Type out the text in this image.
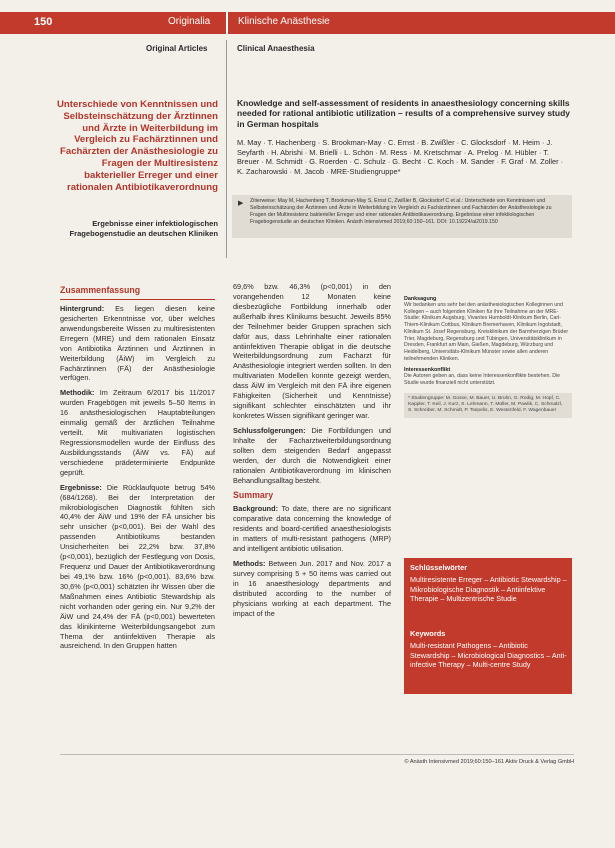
150	Originalia	Klinische Anästhesie
Original Articles	Clinical Anaesthesia
Unterschiede von Kenntnissen und Selbsteinschätzung der Ärztinnen und Ärzte in Weiterbildung im Vergleich zu Fachärztinnen und Fachärzten der Anästhesiologie zu Fragen der Multiresistenz bakterieller Erreger und einer rationalen Antibiotikaverordnung
Ergebnisse einer infektiologischen Fragebogenstudie an deutschen Kliniken
Knowledge and self-assessment of residents in anaesthesiology concerning skills needed for rational antibiotic utilization – results of a comprehensive survey study in German hospitals
M. May · T. Hachenberg · S. Brookman-May · C. Ernst · B. Zwißler · C. Glocksdorf · M. Heim · J. Seyfarth · H. Abrishi · M. Brielli · L. Schön · M. Ress · M. Kretschmar · A. Prelog · M. Hübler · T. Breuer · M. Schmidt · G. Roerden · C. Schulz · G. Becht · C. Koch · M. Sander · F. Graf · M. Zoller · K. Zacharowski · M. Jacob · MRE-Studiengruppe*
▶ Zitierweise: May M, Hachenberg T, Brookman-May S, Ernst C, Zwißler B, Glocksdorf C et al.: Unterschiede von Kenntnissen und Selbsteinschätzung der Ärztinnen und Ärzte in Weiterbildung im Vergleich zu Fachärztinnen und Fachärzten der Anästhesiologie zu Fragen der Multiresistenz bakterieller Erreger und einer rationalen Antibiotikaverordnung. Ergebnisse einer infektiologischen Fragebogenstudie an deutschen Kliniken. Anästh Intensivmed 2019;60:150–161. DOI: 10.19224/ai2019.150

Zusammenfassung

Hintergrund: Es liegen diesen keine gesicherten Erkenntnisse vor, über welches anwendungsbereite Wissen zu multiresistenten Erregern (MRE) und dem rationalen Einsatz von Antibiotika Ärztinnen und Ärztinnen in Weiterbildung (ÄiW) im Vergleich zu Fachärztinnen (FÄ) der Anästhesiologie verfügen.

Methodik: Im Zeitraum 6/2017 bis 11/2017 wurden Fragebögen mit jeweils 5–50 Items in 16 anästhesiologischen Hauptabteilungen einmalig gemäß der ärztlichen Teilnahme verteilt. Mit multivariaten logistischen Regressionsmodellen wurde der Einfluss des Ausbildungsstands (ÄiW vs. FÄ) auf verschiedene prädeterminierte Endpunkte geprüft.

Ergebnisse: Die Rücklaufquote betrug 54% (684/1268). Bei der Interpretation der mikrobiologischen Diagnostik fühlten sich 40,4% der ÄiW und 19% der FÄ unsicher bis sehr unsicher (p<0,001). Bei der Wahl des passenden Antibiotikums bestanden Unsicherheiten bei 22,2% bzw. 37,8% (p<0,001), bezüglich der Festlegung von Dosis, Frequenz und Dauer der Antibiotikaverordnung bei 49,1% bzw. 16% (p<0,001). 83,6% bzw. 30,6% (p<0,001) schätzten ihr Wissen über die Maßnahmen eines Antibiotic Stewardship als nicht vorhanden oder gering ein. Nur 9,2% der ÄiW und 24,4% der FÄ (p<0,001) bewerteten das klinikinterne Weiterbildungsangebot zum Thema der antiinfektiven Therapie als ausreichend. In den Gruppen hatten

69,6% bzw. 46,3% (p<0,001) in den vorangehenden 12 Monaten keine diesbezügliche Fortbildung innerhalb oder außerhalb ihres Klinikums besucht. Jeweils 85% der Teilnehmer beider Gruppen sprachen sich dafür aus, dass Lehrinhalte einer rationalen antiinfektiven Therapie obligat in die deutsche Weiterbildungsordnung zum Facharzt für Anästhesiologie integriert werden sollten. In den multivariaten Modellen konnte gezeigt werden, dass ÄiW im Vergleich mit den FÄ ihre eigenen Fähigkeiten (Sicherheit und Kenntnisse) signifikant schlechter einschätzten und ihr konkretes Wissen signifikant geringer war.

Schlussfolgerungen: Die Fortbildungen und Inhalte der Facharztweiterbildungsordnung sollten dem steigenden Bedarf angepasst werden, der durch die Notwendigkeit einer rationalen Antibiotikaverordnung im klinischen Behandlungsalltag besteht.

Summary

Background: To date, there are no significant comparative data concerning the knowledge of residents and board-certified anaesthesiologists in matters of multi-resistant pathogens (MRP) and intelligent antibiotic utilisation.

Methods: Between Jun. 2017 and Nov. 2017 a survey comprising 5 + 50 items was carried out in 16 anaesthesiology departments and distributed according to the number of physicians working at each department. The impact of the

Danksagung

Wir bedanken uns sehr bei den anästhesiologischen Kolleginnen und Kollegen – auch folgenden Kliniken für ihre Teilnahme an der MRE-Studie: Klinikum Augsburg, Vivantes Humboldt-Klinikum Berlin, Carl-Thiem-Klinikum Cottbus, Klinikum Bremerhaven, Klinikum Ingolstadt, Klinikum St. Josef Regensburg, Kreisklinikum der Barmherzigen Brüder Trier, Magdeburg, Regensburg und Tübingen, Universitätsklinikum in Dresden, Frankfurt am Main, Gießen, Magdeburg, Würzburg und Heidelberg, Universitäts-Klinikum Münster sowie allen anderen teilnehmenden Kliniken.

Interessenkonflikt

Die Autoren geben an, dass keine Interessenkonflikte bestehen. Die Studie wurde finanziell nicht unterstützt.

* Studiengruppe: M. Gosse, M. Bauer, U. Bruhn, G. Rodig, M. Hopf, C. Kappler, T. Keil, J. Kurz, S. Lehmann, T. Müller, M. Pawlik, C. Schmalzl, S. Schreiber, M. Schmidt, P. Tsepelis, E. Westenfeld, F. Wagenbauer
Schlüsselwörter
Multiresistente Erreger – Antibiotic Stewardship – Mikrobiologische Diagnostik – Antiinfektive Therapie – Multizentrische Studie
Keywords
Multi-resistant Pathogens – Antibiotic Stewardship – Microbiological Diagnostics – Anti-infective Therapy – Multi-centre Study
© Anästh Intensivmed 2019;60:150–161 Aktiv Druck & Verlag GmbH
